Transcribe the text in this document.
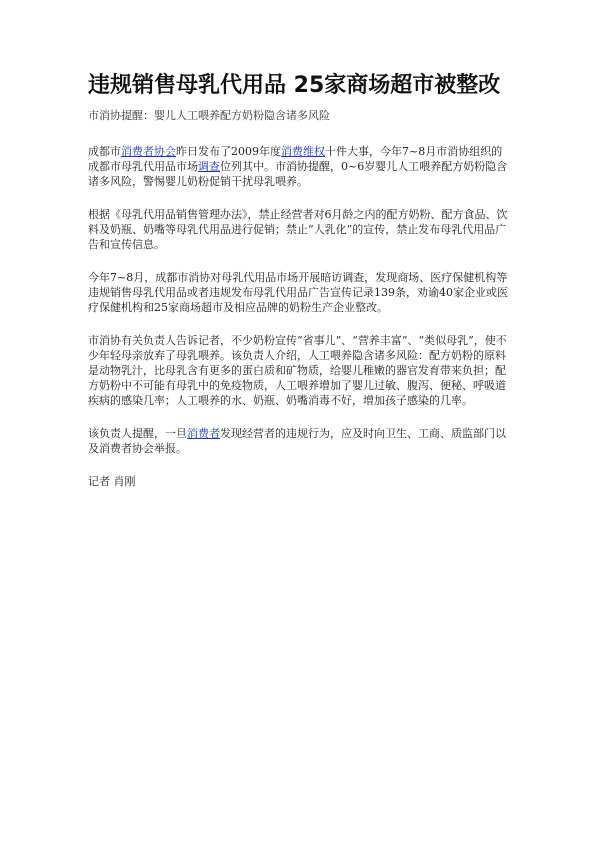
违规销售母乳代用品 25家商场超市被整改

市消协提醒：婴儿人工喂养配方奶粉隐含诸多风险

成都市消费者协会昨日发布了2009年度消费维权十件大事，今年7~8月市消协组织的成都市母乳代用品市场调查位列其中。市消协提醒，0~6岁婴儿人工喂养配方奶粉隐含诸多风险，警惕婴儿奶粉促销干扰母乳喂养。

根据《母乳代用品销售管理办法》，禁止经营者对6月龄之内的配方奶粉、配方食品、饮料及奶瓶、奶嘴等母乳代用品进行促销；禁止“人乳化”的宣传，禁止发布母乳代用品广告和宣传信息。

今年7~8月，成都市消协对母乳代用品市场开展暗访调查，发现商场、医疗保健机构等违规销售母乳代用品或者违规发布母乳代用品广告宣传记录139条，劝谕40家企业或医疗保健机构和25家商场超市及相应品牌的奶粉生产企业整改。

市消协有关负责人告诉记者，不少奶粉宣传“省事儿”、“营养丰富”、“类似母乳”，使不少年轻母亲放弃了母乳喂养。该负责人介绍，人工喂养隐含诸多风险：配方奶粉的原料是动物乳汁，比母乳含有更多的蛋白质和矿物质，给婴儿稚嫩的器官发育带来负担；配方奶粉中不可能有母乳中的免疫物质，人工喂养增加了婴儿过敏、腹泻、便秘、呼吸道疾病的感染几率；人工喂养的水、奶瓶、奶嘴消毒不好，增加孩子感染的几率。

该负责人提醒，一旦消费者发现经营者的违规行为，应及时向卫生、工商、质监部门以及消费者协会举报。

记者 肖刚
